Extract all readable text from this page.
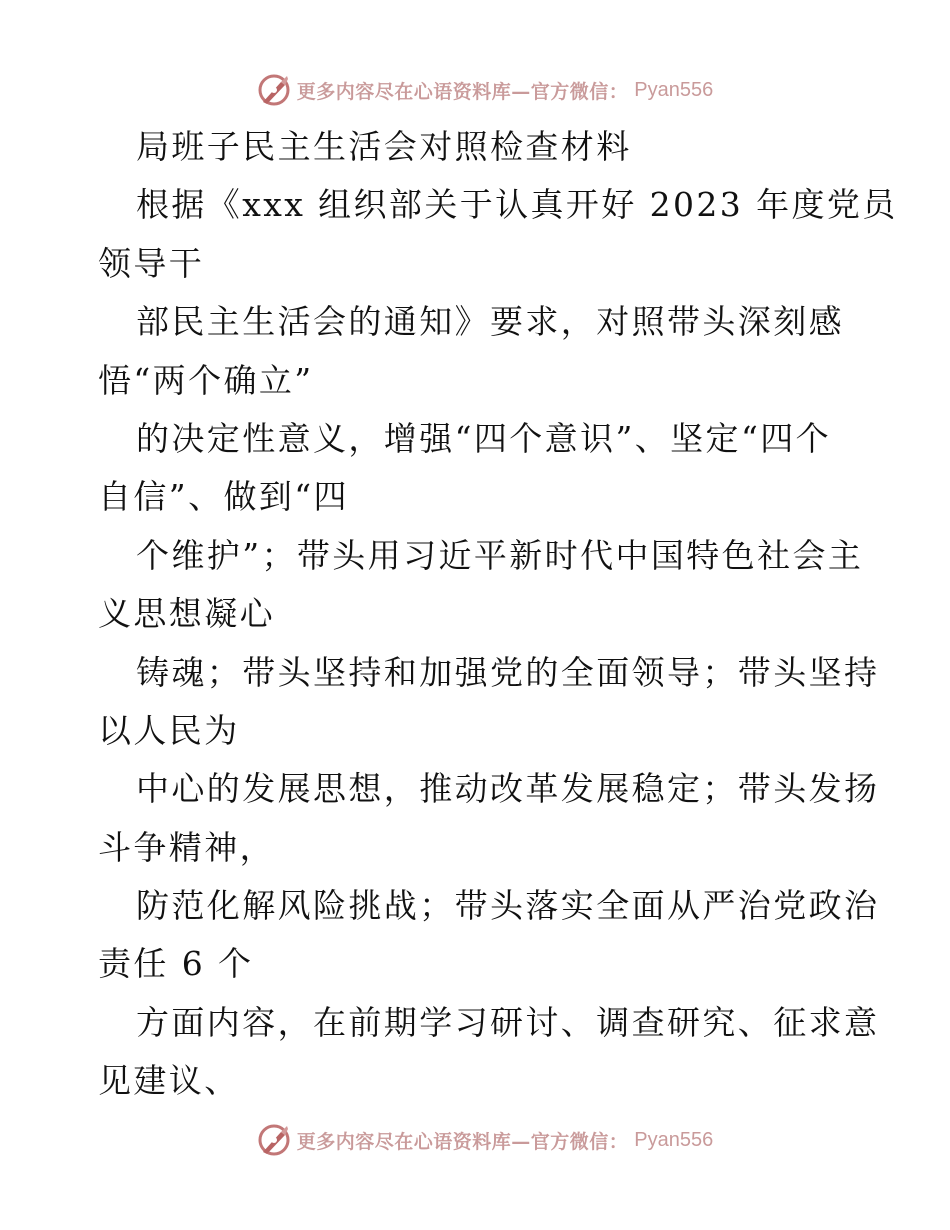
更多内容尽在心语资料库—官方微信： Pyan556
局班子民主生活会对照检查材料
根据《xxx 组织部关于认真开好 2023 年度党员
领导干
部民主生活会的通知》要求，对照带头深刻感
悟“两个确立”
的决定性意义，增强“四个意识”、坚定“四个
自信”、做到“四
个维护”；带头用习近平新时代中国特色社会主
义思想凝心
铸魂；带头坚持和加强党的全面领导；带头坚持
以人民为
中心的发展思想，推动改革发展稳定；带头发扬
斗争精神，
防范化解风险挑战；带头落实全面从严治党政治
责任 6 个
方面内容，在前期学习研讨、调查研究、征求意
见建议、
更多内容尽在心语资料库—官方微信： Pyan556
